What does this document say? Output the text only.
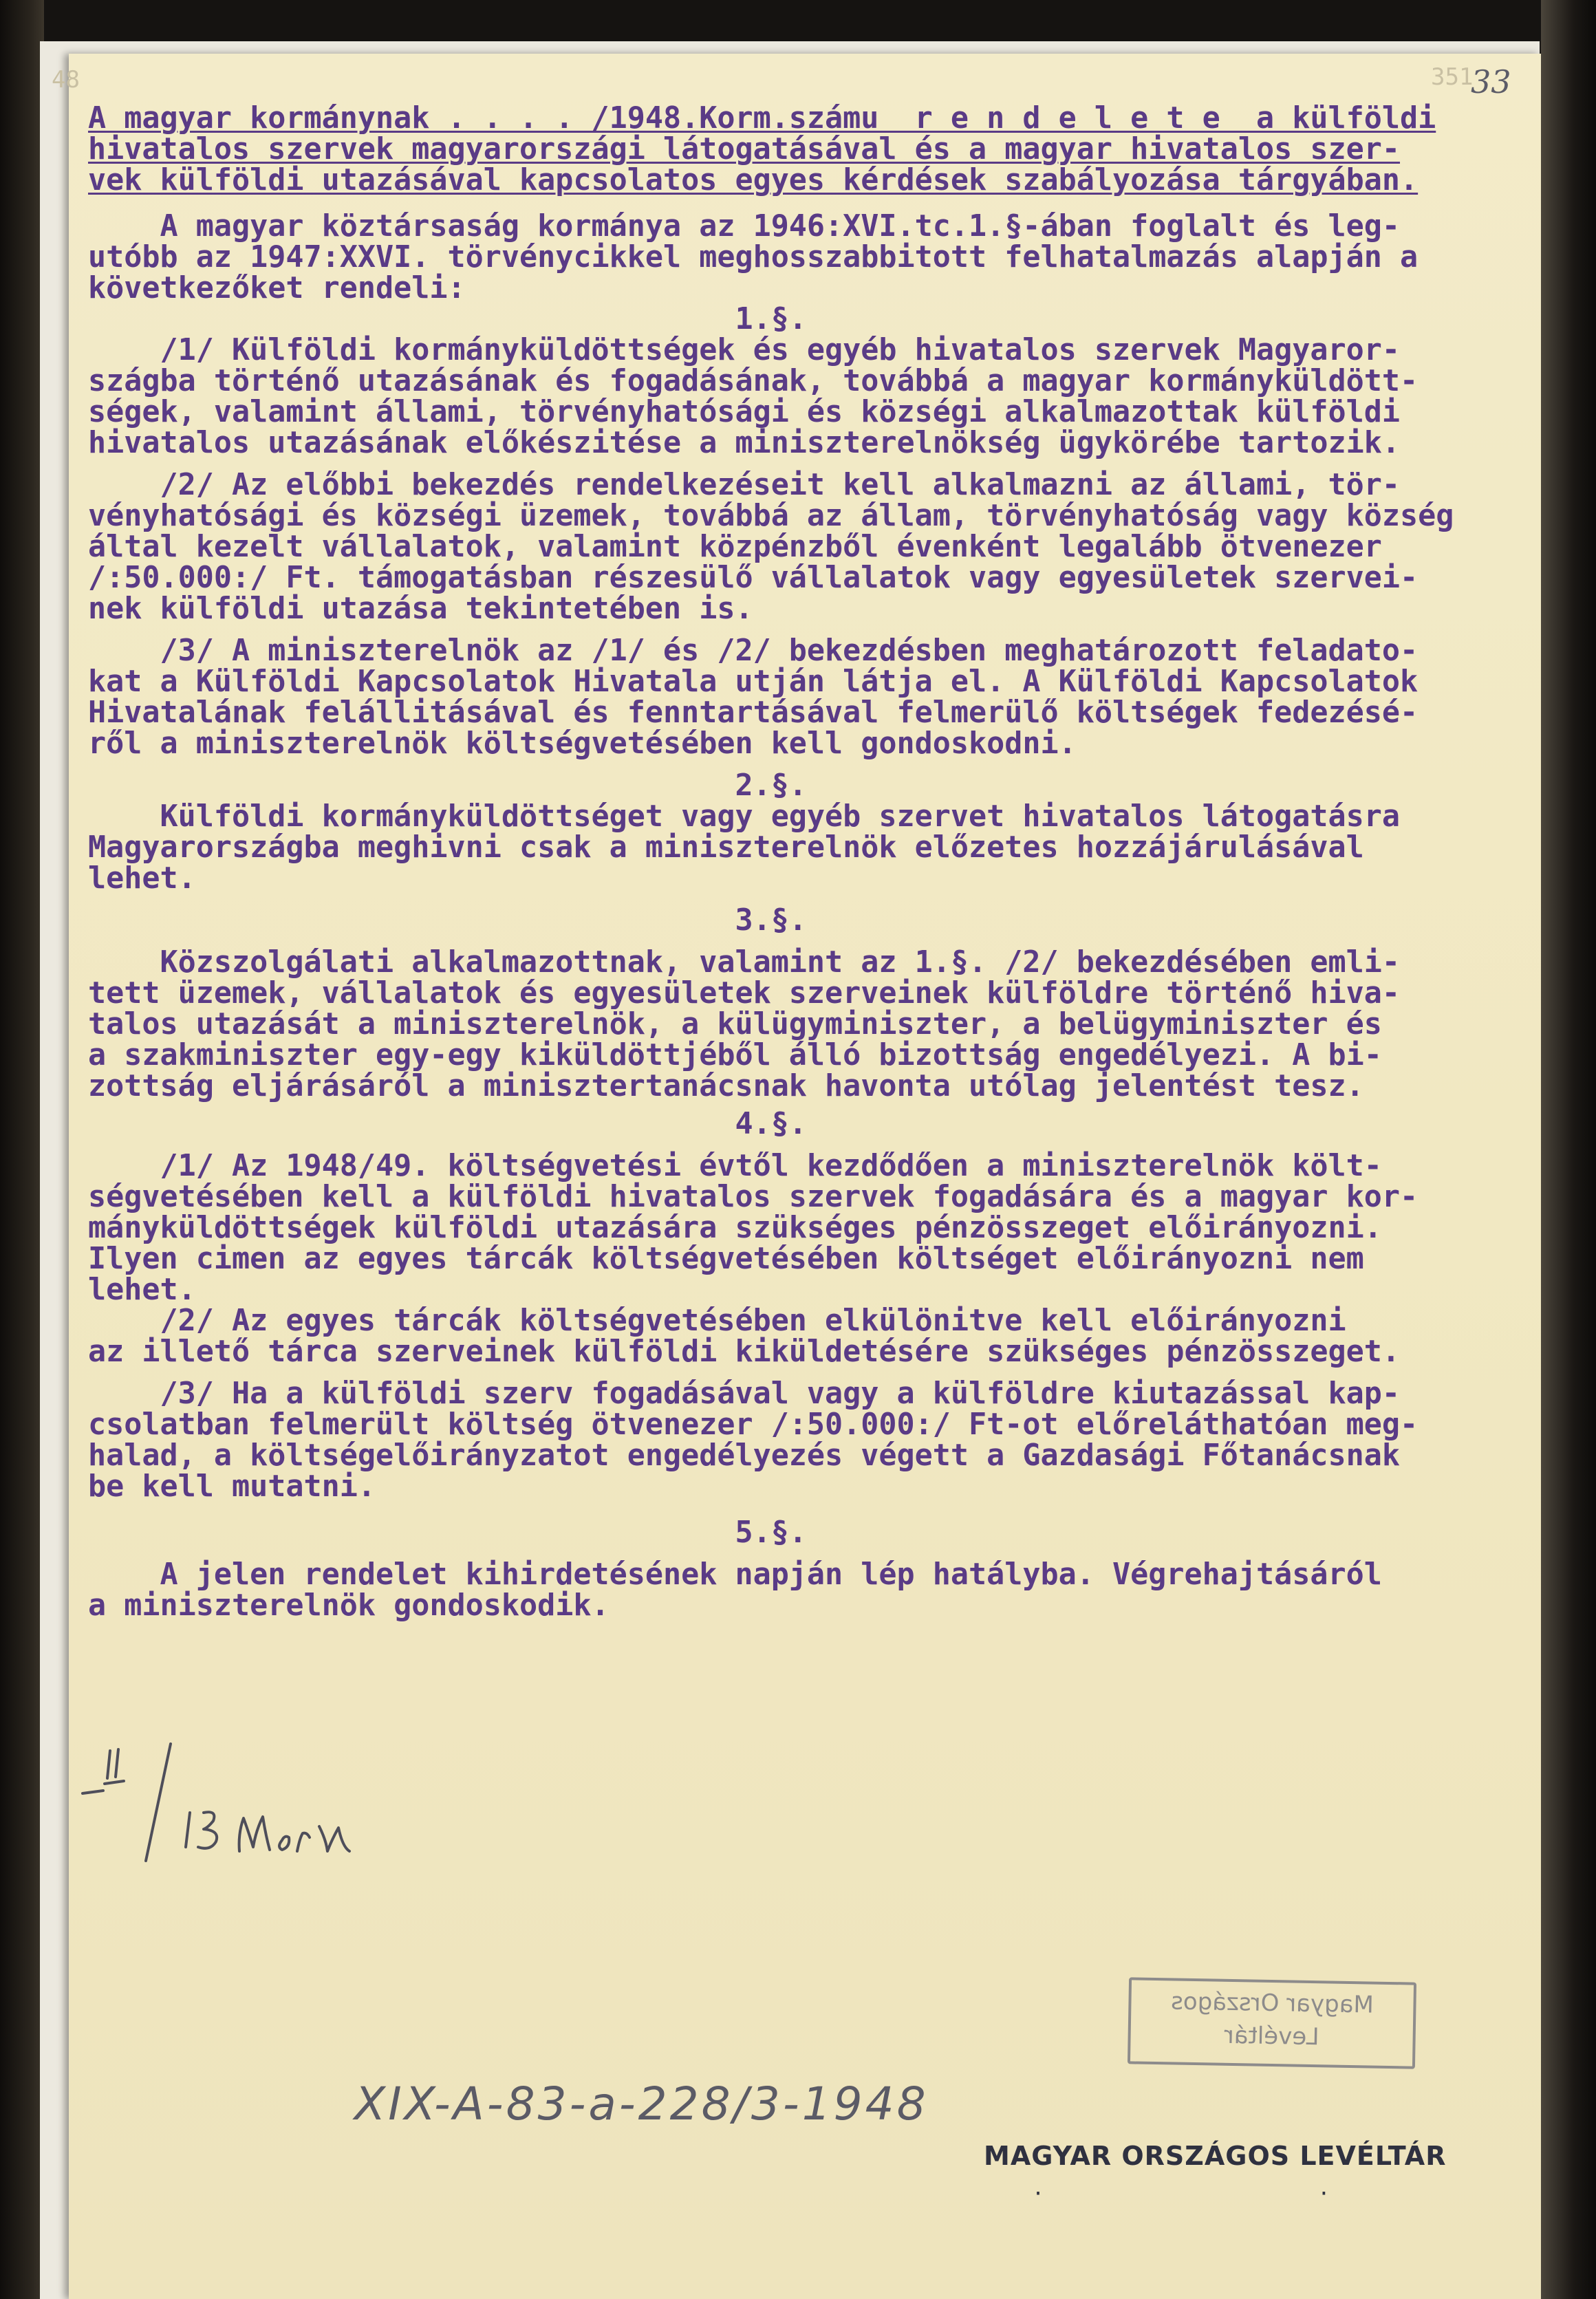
48	351
33
A magyar kormánynak . . . . /1948.Korm.számu  r e n d e l e t e  a külföldi
hivatalos szervek magyarországi látogatásával és a magyar hivatalos szer-
vek külföldi utazásával kapcsolatos egyes kérdések szabályozása tárgyában.
A magyar köztársaság kormánya az 1946:XVI.tc.1.§-ában foglalt és leg-
utóbb az 1947:XXVI. törvénycikkel meghosszabbitott felhatalmazás alapján a
következőket rendeli:
1.§.
/1/ Külföldi kormányküldöttségek és egyéb hivatalos szervek Magyaror-
szágba történő utazásának és fogadásának, továbbá a magyar kormányküldött-
ségek, valamint állami, törvényhatósági és községi alkalmazottak külföldi
hivatalos utazásának előkészitése a miniszterelnökség ügykörébe tartozik.
/2/ Az előbbi bekezdés rendelkezéseit kell alkalmazni az állami, tör-
vényhatósági és községi üzemek, továbbá az állam, törvényhatóság vagy község
által kezelt vállalatok, valamint közpénzből évenként legalább ötvenezer
/:50.000:/ Ft. támogatásban részesülő vállalatok vagy egyesületek szervei-
nek külföldi utazása tekintetében is.
/3/ A miniszterelnök az /1/ és /2/ bekezdésben meghatározott feladato-
kat a Külföldi Kapcsolatok Hivatala utján látja el. A Külföldi Kapcsolatok
Hivatalának felállitásával és fenntartásával felmerülő költségek fedezésé-
ről a miniszterelnök költségvetésében kell gondoskodni.
2.§.
Külföldi kormányküldöttséget vagy egyéb szervet hivatalos látogatásra
Magyarországba meghivni csak a miniszterelnök előzetes hozzájárulásával
lehet.
3.§.
Közszolgálati alkalmazottnak, valamint az 1.§. /2/ bekezdésében emli-
tett üzemek, vállalatok és egyesületek szerveinek külföldre történő hiva-
talos utazását a miniszterelnök, a külügyminiszter, a belügyminiszter és
a szakminiszter egy-egy kiküldöttjéből álló bizottság engedélyezi. A bi-
zottság eljárásáról a minisztertanácsnak havonta utólag jelentést tesz.
4.§.
/1/ Az 1948/49. költségvetési évtől kezdődően a miniszterelnök költ-
ségvetésében kell a külföldi hivatalos szervek fogadására és a magyar kor-
mányküldöttségek külföldi utazására szükséges pénzösszeget előirányozni.
Ilyen cimen az egyes tárcák költségvetésében költséget előirányozni nem
lehet.
/2/ Az egyes tárcák költségvetésében elkülönitve kell előirányozni
az illető tárca szerveinek külföldi kiküldetésére szükséges pénzösszeget.
/3/ Ha a külföldi szerv fogadásával vagy a külföldre kiutazással kap-
csolatban felmerült költség ötvenezer /:50.000:/ Ft-ot előreláthatóan meg-
halad, a költségelőirányzatot engedélyezés végett a Gazdasági Főtanácsnak
be kell mutatni.
5.§.
A jelen rendelet kihirdetésének napján lép hatályba. Végrehajtásáról
a miniszterelnök gondoskodik.
Magyar Országos
Levéltár
XIX-A-83-a-228/3-1948
MAGYAR ORSZÁGOS LEVÉLTÁR
·                      ·
